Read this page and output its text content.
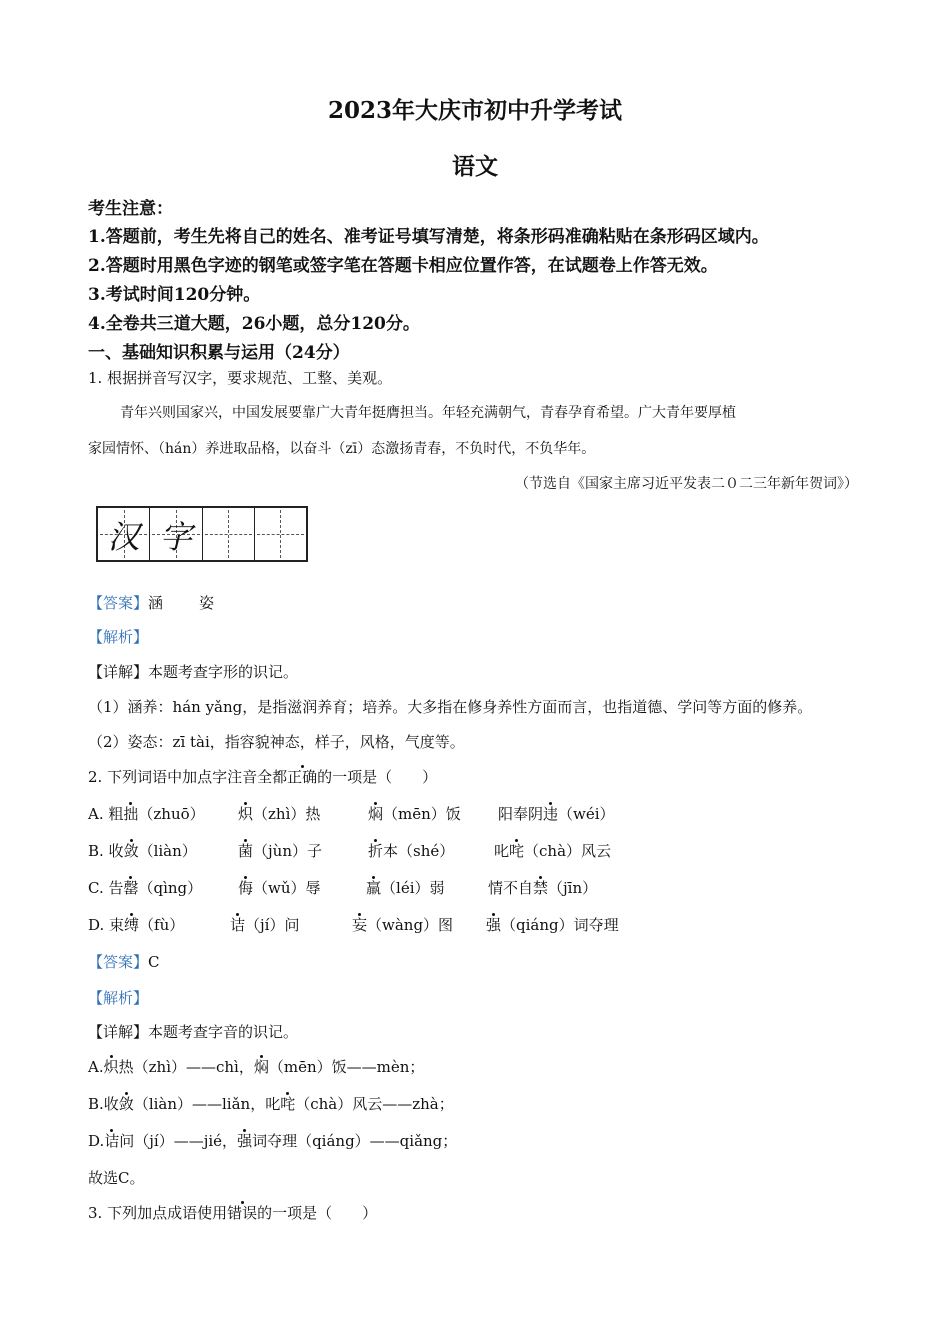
2023年大庆市初中升学考试
语文
考生注意：
1.答题前，考生先将自己的姓名、准考证号填写清楚，将条形码准确粘贴在条形码区域内。
2.答题时用黑色字迹的钢笔或签字笔在答题卡相应位置作答，在试题卷上作答无效。
3.考试时间120分钟。
4.全卷共三道大题，26小题，总分120分。
一、基础知识积累与运用（24分）
1. 根据拼音写汉字，要求规范、工整、美观。
青年兴则国家兴，中国发展要靠广大青年挺膺担当。年轻充满朝气，青春孕育希望。广大青年要厚植
家园情怀、（hán）养进取品格，以奋斗（zī）态激扬青春，不负时代，不负华年。
（节选自《国家主席习近平发表二０二三年新年贺词》）
汉 字
【答案】涵 姿
【解析】
【详解】本题考查字形的识记。
（1）涵养：hán yǎng，是指滋润养育；培养。大多指在修身养性方面而言，也指道德、学问等方面的修养。
（2）姿态：zī tài，指容貌神态，样子，风格，气度等。
2. 下列词语中加点字注音全都正确的一项是（　　）
A. 粗拙（zhuō） 炽（zhì）热	焖（mēn）饭 阳奉阴违（wéi）
B. 收敛（liàn）	菌（jùn）子	折本（shé）	叱咤（chà）风云
C. 告罄（qìng） 侮（wǔ）辱	羸（léi）弱	情不自禁（jīn）
D. 束缚（fù）	诘（jí）问	妄（wàng）图 强（qiáng）词夺理
【答案】C
【解析】
【详解】本题考查字音的识记。
A.炽热（zhì）——chì，焖（mēn）饭——mèn；
B.收敛（liàn）——liǎn，叱咤（chà）风云——zhà；
D.诘问（jí）——jié，强词夺理（qiáng）——qiǎng；
故选C。
3. 下列加点成语使用错误的一项是（　　）
